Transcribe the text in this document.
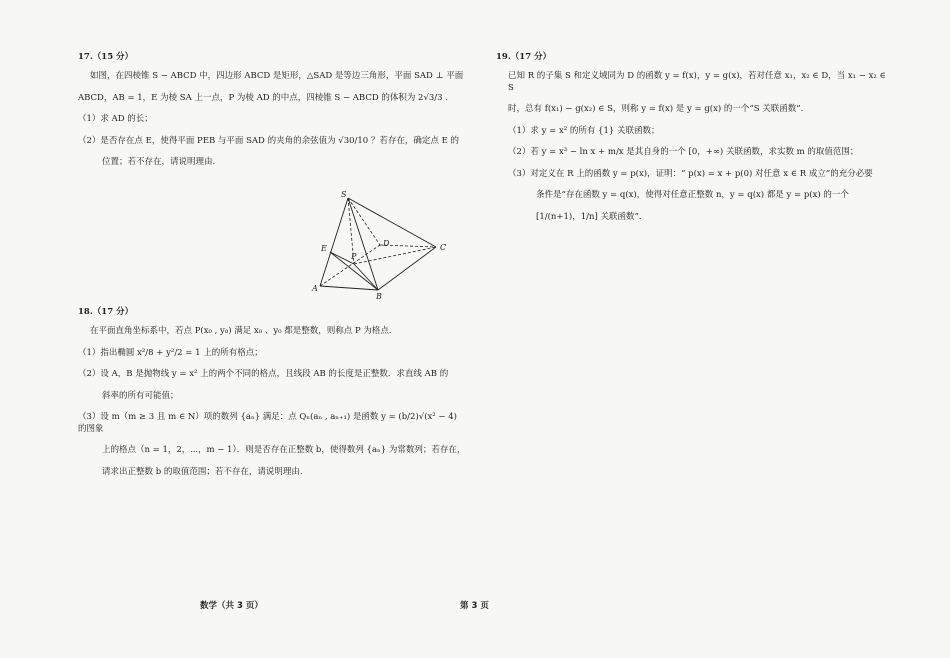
17.（15 分）
如图，在四棱锥 S − ABCD 中，四边形 ABCD 是矩形，△SAD 是等边三角形，平面 SAD ⊥ 平面
ABCD，AB = 1，E 为棱 SA 上一点，P 为棱 AD 的中点，四棱锥 S − ABCD 的体积为 2√3/3 .
（1）求 AD 的长；
（2）是否存在点 E，使得平面 PEB 与平面 SAD 的夹角的余弦值为 √30/10 ？若存在，确定点 E 的
位置；若不存在，请说明理由.
18.（17 分）
在平面直角坐标系中，若点 P(x₀ , y₀) 满足 x₀ 、y₀ 都是整数，则称点 P 为格点.
（1）指出椭圆 x²/8 + y²/2 = 1 上的所有格点；
（2）设 A，B 是抛物线 y = x² 上的两个不同的格点，且线段 AB 的长度是正整数．求直线 AB 的
斜率的所有可能值；
（3）设 m（m ≥ 3 且 m ∈ N）项的数列 {aₙ} 满足：点 Qₙ(aₙ , aₙ₊₁) 是函数 y = (b/2)√(x² − 4) 的图象
上的格点（n = 1，2，⋯，m − 1）．则是否存在正整数 b，使得数列 {aₙ} 为常数列；若存在，
请求出正整数 b 的取值范围；若不存在，请说明理由.
S
E
D	C
P
A
B
19.（17 分）
已知 R 的子集 S 和定义域同为 D 的函数 y = f(x)，y = g(x)，若对任意 x₁，x₂ ∈ D，当 x₁ − x₂ ∈ S
时，总有 f(x₁) − g(x₂) ∈ S，则称 y = f(x) 是 y = g(x) 的一个“S 关联函数”.
（1）求 y = x² 的所有 {1} 关联函数；
（2）若 y = x³ − ln x + m/x 是其自身的一个 [0，+∞) 关联函数，求实数 m 的取值范围；
（3）对定义在 R 上的函数 y = p(x)，证明：“ p(x) = x + p(0) 对任意 x ∈ R 成立”的充分必要
条件是“存在函数 y = q(x)，使得对任意正整数 n，y = q(x) 都是 y = p(x) 的一个
[1/(n+1)，1/n] 关联函数”.
数学（共 3 页）	第 3 页
